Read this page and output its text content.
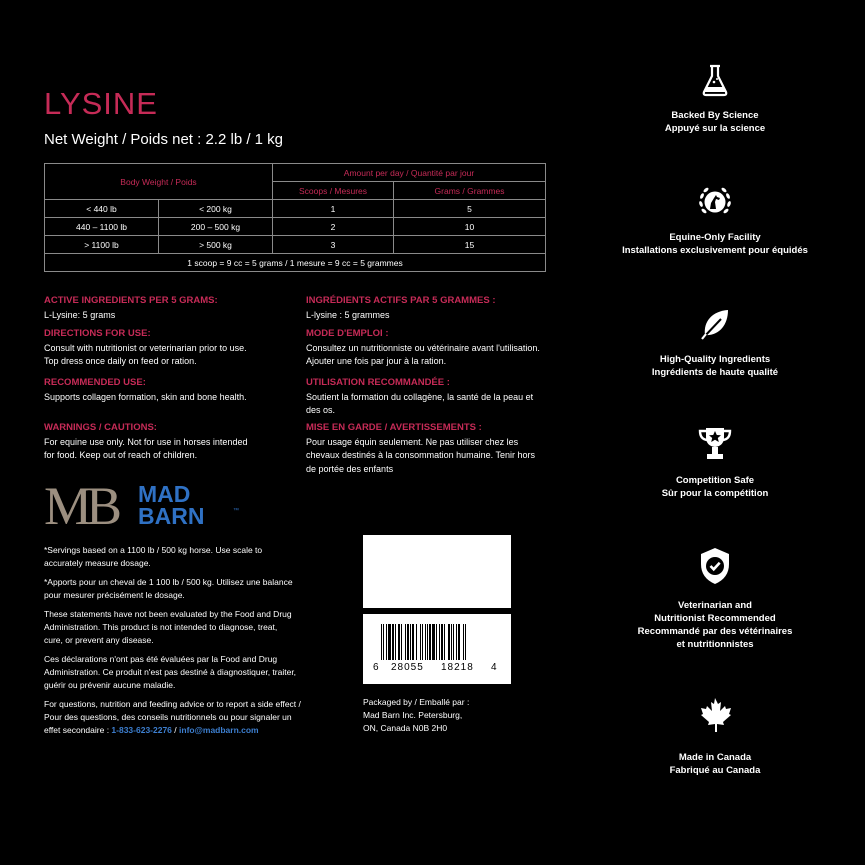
LYSINE
Net Weight / Poids net : 2.2 lb / 1 kg
Body Weight / Poids		Amount per day / Quantité par jour	
		Scoops / Mesures	Grams / Grammes
< 440 lb	< 200 kg	1	5
440 – 1100 lb	200 – 500 kg	2	10
> 1100 lb	> 500 kg	3	15
1 scoop = 9 cc = 5 grams / 1 mesure = 9 cc = 5 grammes			
ACTIVE INGREDIENTS PER 5 GRAMS:
L-Lysine: 5 grams
DIRECTIONS FOR USE:
Consult with nutritionist or veterinarian prior to use.
Top dress once daily on feed or ration.
RECOMMENDED USE:
Supports collagen formation, skin and bone health.
WARNINGS / CAUTIONS:
For equine use only. Not for use in horses intended
for food. Keep out of reach of children.
INGRÉDIENTS ACTIFS PAR 5 GRAMMES :
L-lysine : 5 grammes
MODE D'EMPLOI :
Consultez un nutritionniste ou vétérinaire avant l'utilisation.
Ajouter une fois par jour à la ration.
UTILISATION RECOMMANDÉE :
Soutient la formation du collagène, la santé de la peau et
des os.
MISE EN GARDE / AVERTISSEMENTS :
Pour usage équin seulement. Ne pas utiliser chez les
chevaux destinés à la consommation humaine. Tenir hors
de portée des enfants
MB MAD
BARN	™

*Servings based on a 1100 lb / 500 kg horse. Use scale to
accurately measure dosage.

*Apports pour un cheval de 1 100 lb / 500 kg. Utilisez une balance
pour mesurer précisément le dosage.

These statements have not been evaluated by the Food and Drug
Administration. This product is not intended to diagnose, treat,
cure, or prevent any disease.

Ces déclarations n'ont pas été évaluées par la Food and Drug
Administration. Ce produit n'est pas destiné à diagnostiquer, traiter,
guérir ou prévenir aucune maladie.

For questions, nutrition and feeding advice or to report a side effect /
Pour des questions, des conseils nutritionnels ou pour signaler un
effet secondaire : 1-833-623-2276 / info@madbarn.com

6 28055 18218 4
Packaged by / Emballé par :
Mad Barn Inc. Petersburg,
ON, Canada N0B 2H0
Backed By Science
Appuyé sur la science
Equine-Only Facility
Installations exclusivement pour équidés
High-Quality Ingredients
Ingrédients de haute qualité
Competition Safe
Sûr pour la compétition
Veterinarian and
Nutritionist Recommended
Recommandé par des vétérinaires
et nutritionnistes
Made in Canada
Fabriqué au Canada
